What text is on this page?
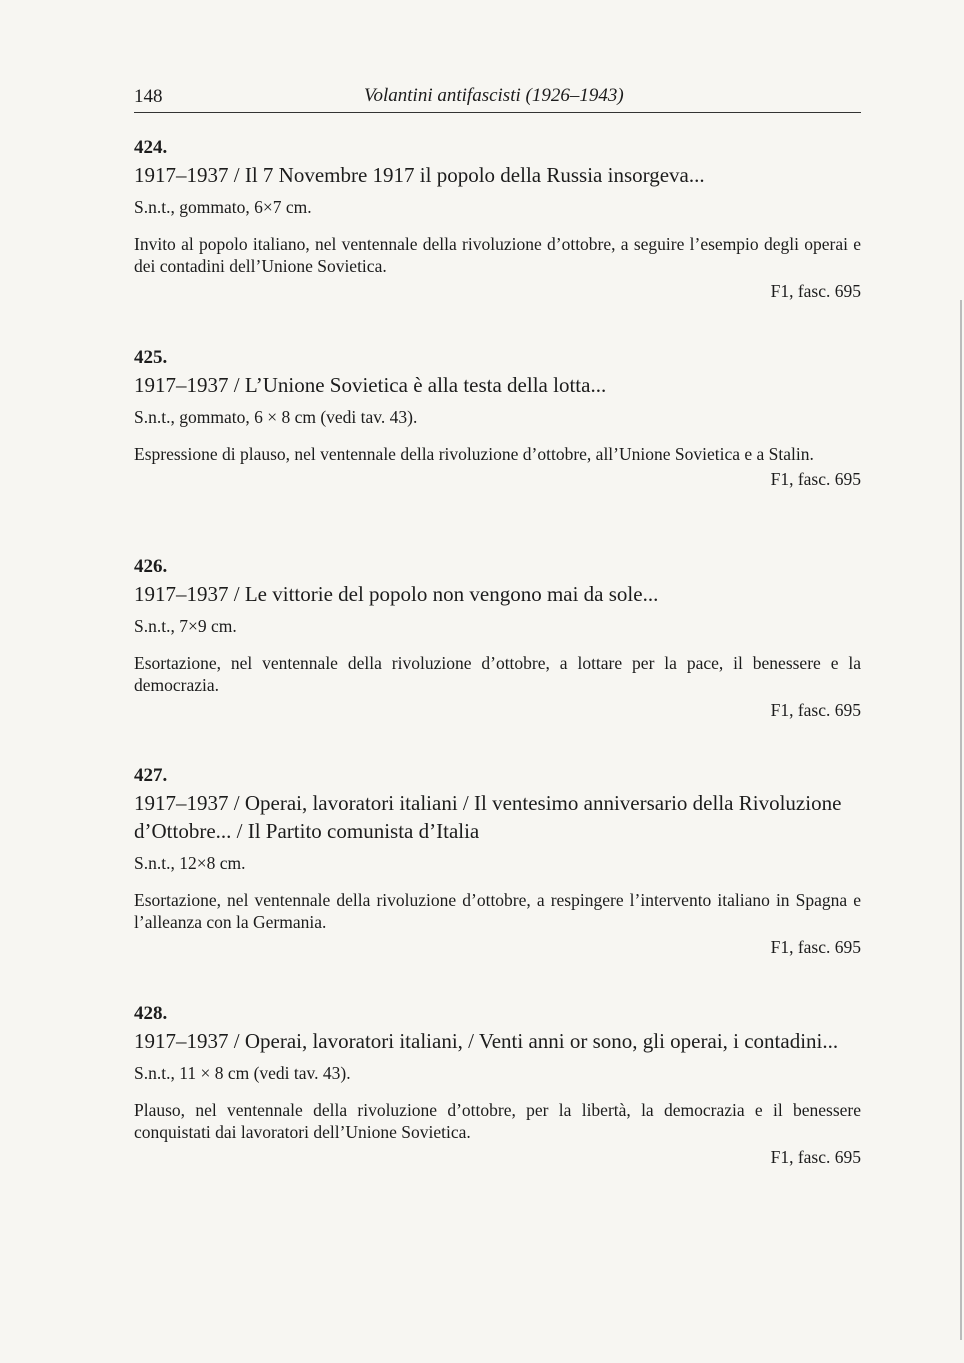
148	Volantini antifascisti (1926–1943)
424.
1917–1937 / Il 7 Novembre 1917 il popolo della Russia insorgeva...
S.n.t., gommato, 6×7 cm.
Invito al popolo italiano, nel ventennale della rivoluzione d’ottobre, a seguire l’esempio degli operai e dei contadini dell’Unione Sovietica.
F1, fasc. 695
425.
1917–1937 / L’Unione Sovietica è alla testa della lotta...
S.n.t., gommato, 6 × 8 cm (vedi tav. 43).
Espressione di plauso, nel ventennale della rivoluzione d’ottobre, all’Unione Sovietica e a Stalin.
F1, fasc. 695
426.
1917–1937 / Le vittorie del popolo non vengono mai da sole...
S.n.t., 7×9 cm.
Esortazione, nel ventennale della rivoluzione d’ottobre, a lottare per la pace, il benessere e la democrazia.
F1, fasc. 695
427.
1917–1937 / Operai, lavoratori italiani / Il ventesimo anniversario della Rivoluzione d’Ottobre... / Il Partito comunista d’Italia
S.n.t., 12×8 cm.
Esortazione, nel ventennale della rivoluzione d’ottobre, a respingere l’intervento italiano in Spagna e l’alleanza con la Germania.
F1, fasc. 695
428.
1917–1937 / Operai, lavoratori italiani, / Venti anni or sono, gli operai, i contadini...
S.n.t., 11 × 8 cm (vedi tav. 43).
Plauso, nel ventennale della rivoluzione d’ottobre, per la libertà, la democrazia e il benessere conquistati dai lavoratori dell’Unione Sovietica.
F1, fasc. 695
